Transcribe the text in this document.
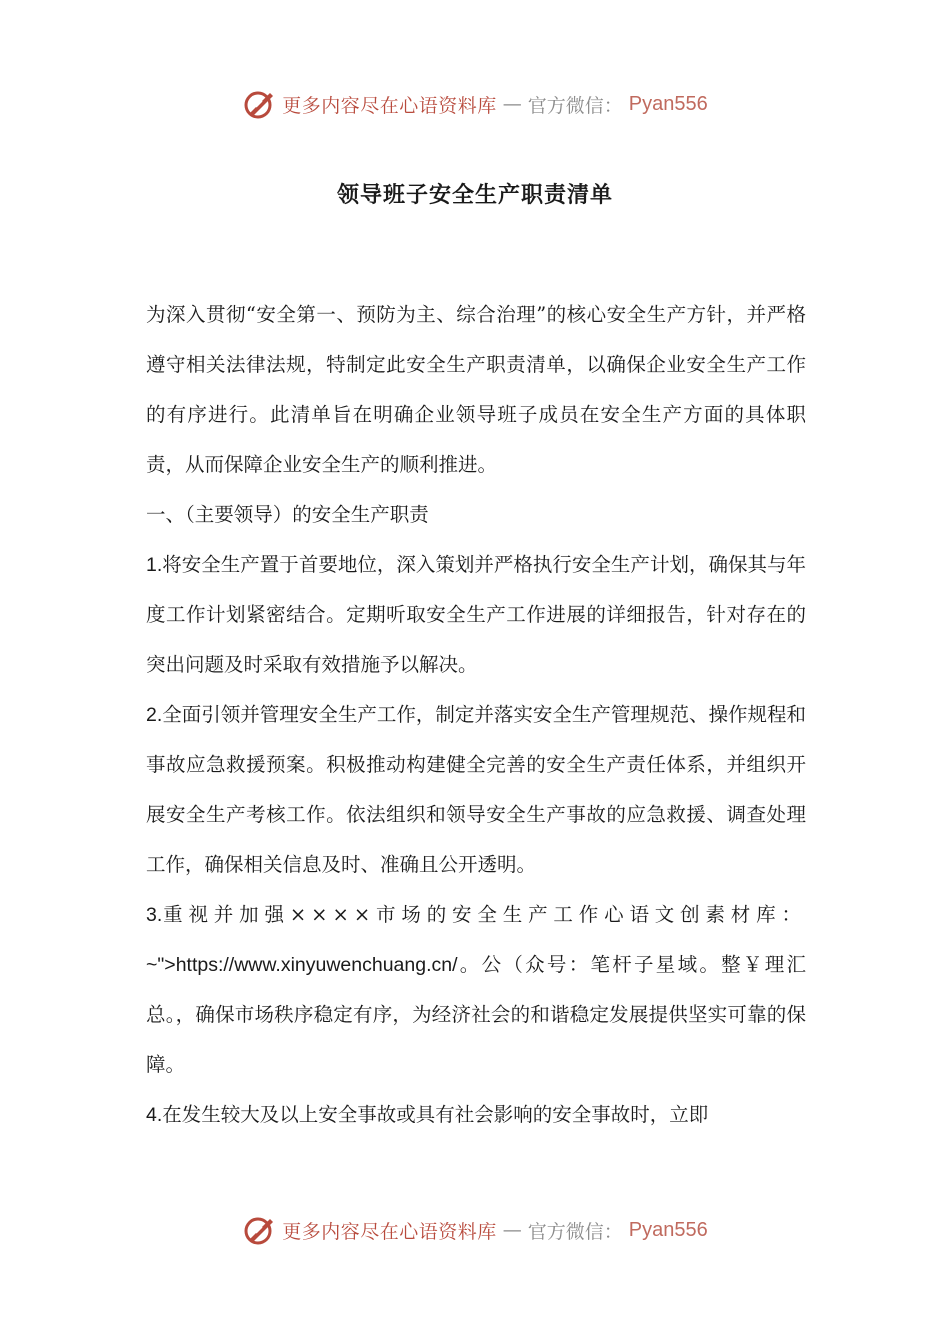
更多内容尽在心语资料库 — 官方微信： Pyan556
领导班子安全生产职责清单

为深入贯彻“安全第一、预防为主、综合治理”的核心安全生产方针，并严格遵守相关法律法规，特制定此安全生产职责清单，以确保企业安全生产工作的有序进行。此清单旨在明确企业领导班子成员在安全生产方面的具体职责，从而保障企业安全生产的顺利推进。

一、（主要领导）的安全生产职责

1.将安全生产置于首要地位，深入策划并严格执行安全生产计划，确保其与年度工作计划紧密结合。定期听取安全生产工作进展的详细报告，针对存在的突出问题及时采取有效措施予以解决。

2.全面引领并管理安全生产工作，制定并落实安全生产管理规范、操作规程和事故应急救援预案。积极推动构建健全完善的安全生产责任体系，并组织开展安全生产考核工作。依法组织和领导安全生产事故的应急救援、调查处理工作，确保相关信息及时、准确且公开透明。

3.重视并加强××××市场的安全生产工作心语文创素材库：~">https://www.xinyuwenchuang.cn/。公（众号：笔杆子星域。整￥理汇总。，确保市场秩序稳定有序，为经济社会的和谐稳定发展提供坚实可靠的保障。

4.在发生较大及以上安全事故或具有社会影响的安全事故时，立即

更多内容尽在心语资料库 — 官方微信： Pyan556
